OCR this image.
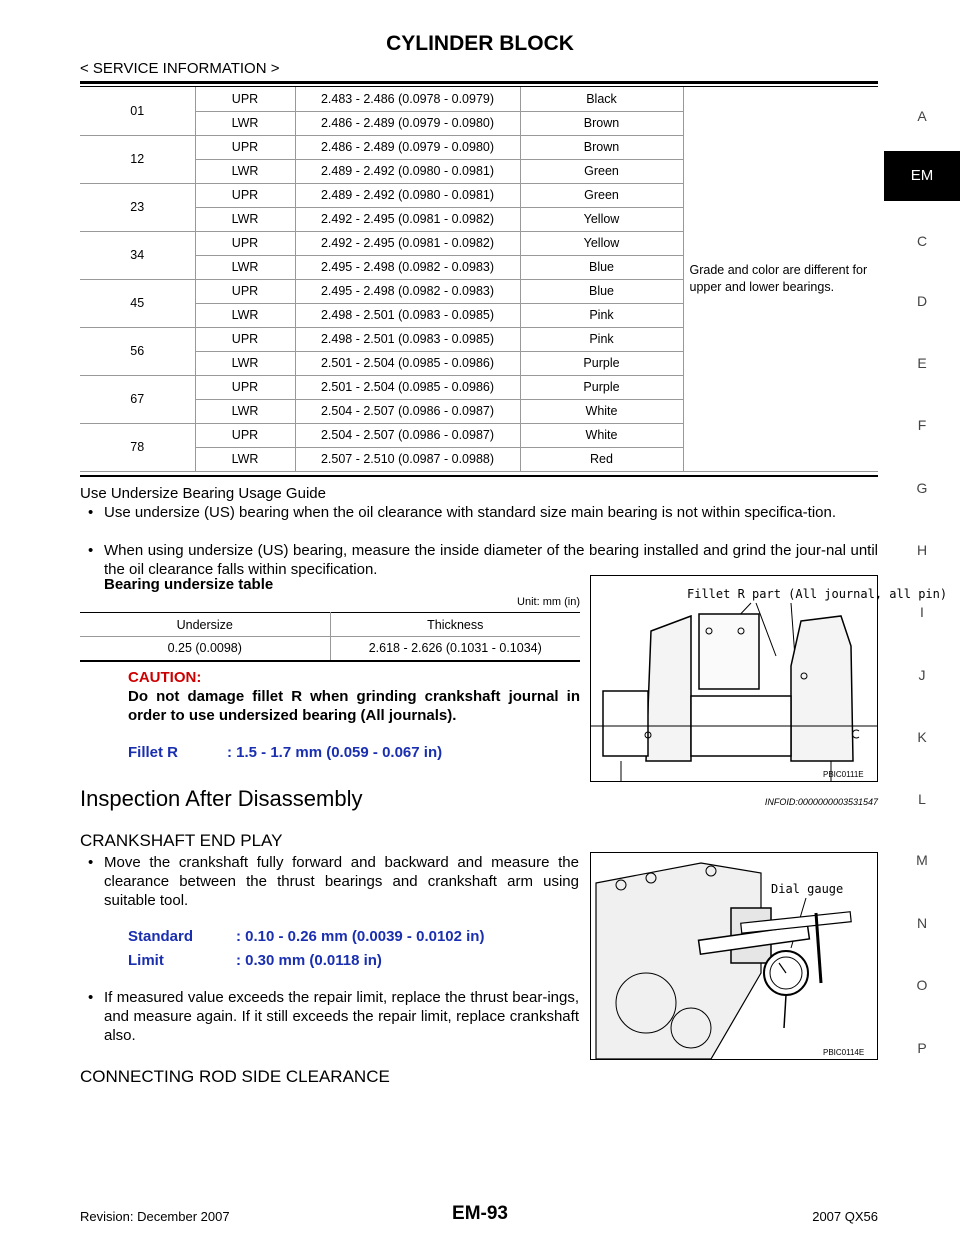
CYLINDER BLOCK
< SERVICE INFORMATION >
A
C
D
E
F
G
H
I
J
K
L
M
N
O
P
EM
01	UPR	2.483 - 2.486 (0.0978 - 0.0979)	Black	Grade and color are different for upper and lower bearings.
	LWR	2.486 - 2.489 (0.0979 - 0.0980)	Brown	
12	UPR	2.486 - 2.489 (0.0979 - 0.0980)	Brown	
	LWR	2.489 - 2.492 (0.0980 - 0.0981)	Green	
23	UPR	2.489 - 2.492 (0.0980 - 0.0981)	Green	
	LWR	2.492 - 2.495 (0.0981 - 0.0982)	Yellow	
34	UPR	2.492 - 2.495 (0.0981 - 0.0982)	Yellow	
	LWR	2.495 - 2.498 (0.0982 - 0.0983)	Blue	
45	UPR	2.495 - 2.498 (0.0982 - 0.0983)	Blue	
	LWR	2.498 - 2.501 (0.0983 - 0.0985)	Pink	
56	UPR	2.498 - 2.501 (0.0983 - 0.0985)	Pink	
	LWR	2.501 - 2.504 (0.0985 - 0.0986)	Purple	
67	UPR	2.501 - 2.504 (0.0985 - 0.0986)	Purple	
	LWR	2.504 - 2.507 (0.0986 - 0.0987)	White	
78	UPR	2.504 - 2.507 (0.0986 - 0.0987)	White	
	LWR	2.507 - 2.510 (0.0987 - 0.0988)	Red	
Use Undersize Bearing Usage Guide
• Use undersize (US) bearing when the oil clearance with standard size main bearing is not within specifica-tion.
• When using undersize (US) bearing, measure the inside diameter of the bearing installed and grind the jour-nal until the oil clearance falls within specification.
Bearing undersize table
Unit: mm (in)
Undersize	Thickness
0.25 (0.0098)	2.618 - 2.626 (0.1031 - 0.1034)
CAUTION:
Do not damage fillet R when grinding crankshaft journal in order to use undersized bearing (All journals).
Fillet R	: 1.5 - 1.7 mm (0.059 - 0.067 in)
Fillet R part (All journal, all pin)
PBIC0111E
Inspection After Disassembly	INFOID:0000000003531547
CRANKSHAFT END PLAY
• Move the crankshaft fully forward and backward and measure the clearance between the thrust bearings and crankshaft arm using suitable tool.
Standard	: 0.10 - 0.26 mm (0.0039 - 0.0102 in)
Limit	: 0.30 mm (0.0118 in)
• If measured value exceeds the repair limit, replace the thrust bear-ings, and measure again. If it still exceeds the repair limit, replace crankshaft also.
Dial gauge
PBIC0114E
CONNECTING ROD SIDE CLEARANCE
Revision: December 2007	EM-93	2007 QX56
